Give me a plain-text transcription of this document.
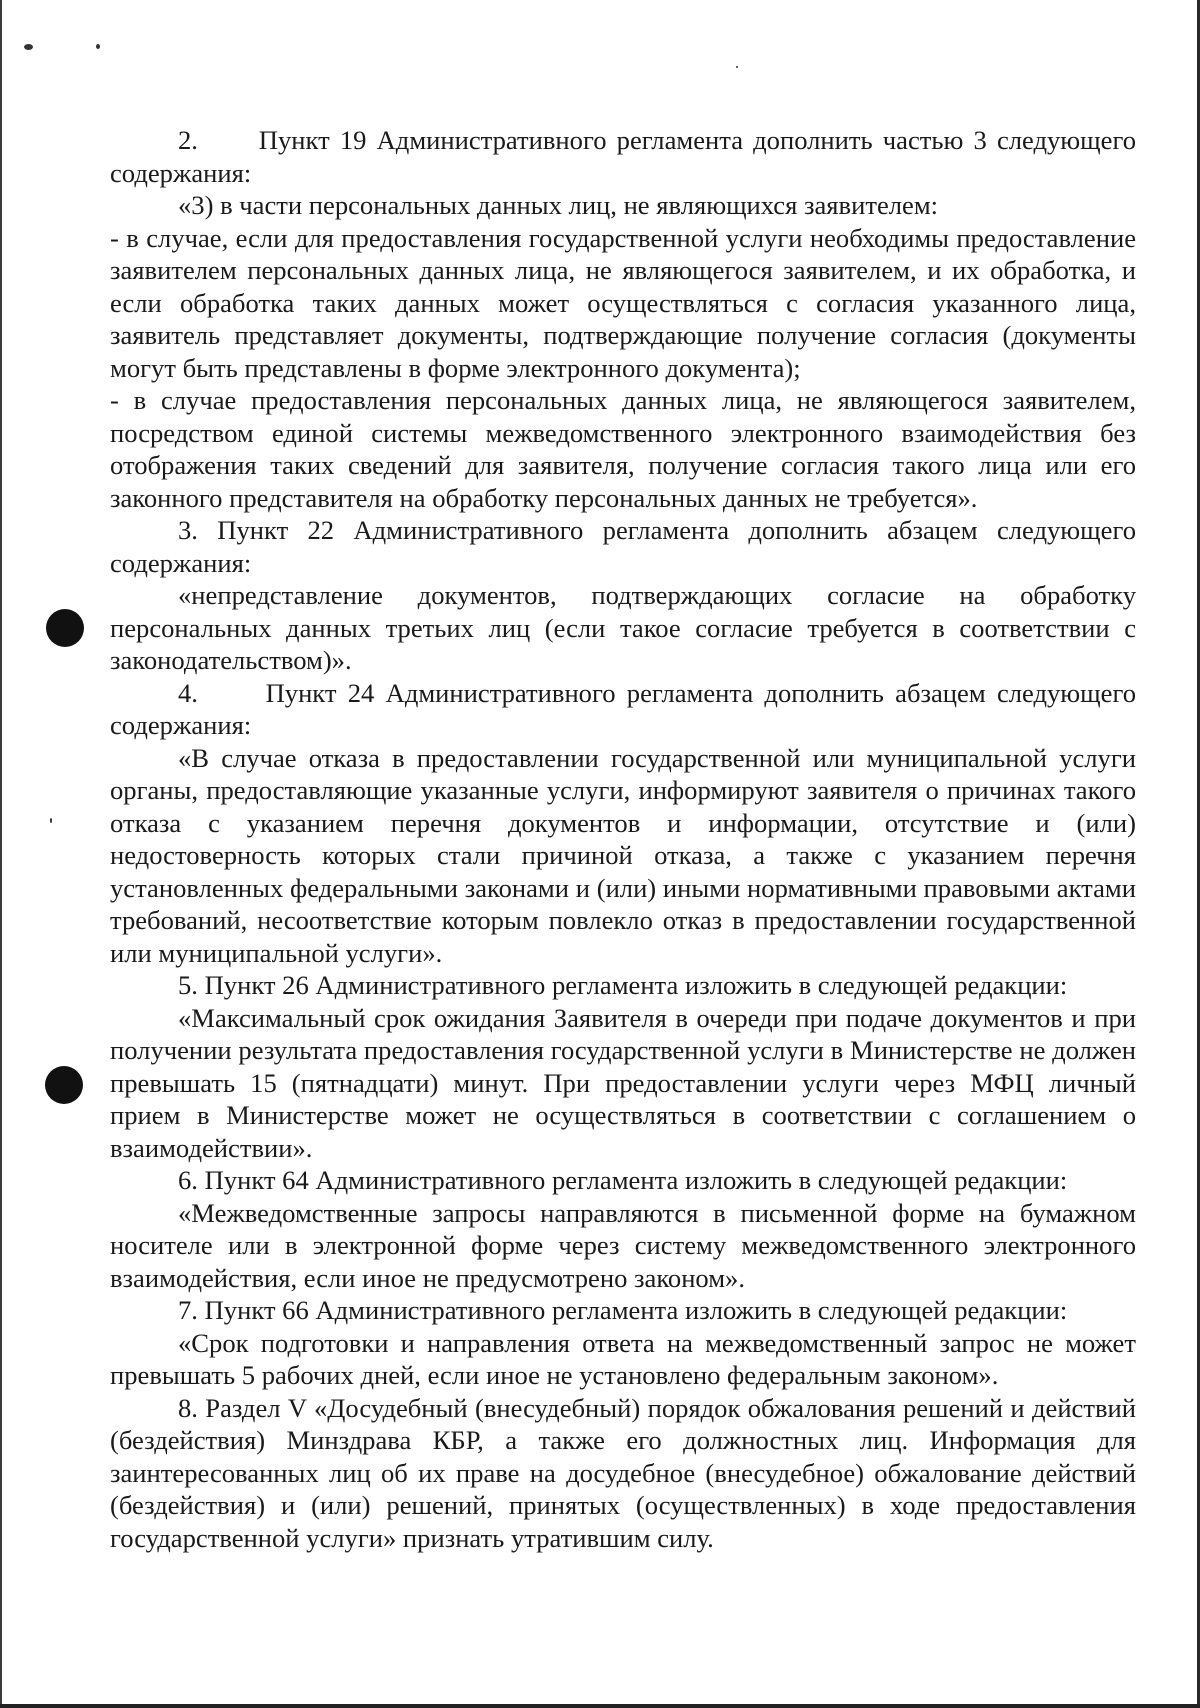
2.      Пункт 19 Административного регламента дополнить частью 3 следующего содержания:

«3) в части персональных данных лиц, не являющихся заявителем:

- в случае, если для предоставления государственной услуги необходимы предоставление заявителем персональных данных лица, не являющегося заявителем, и их обработка, и если обработка таких данных может осуществляться с согласия указанного лица, заявитель представляет документы, подтверждающие получение согласия (документы могут быть представлены в форме электронного документа);

- в случае предоставления персональных данных лица, не являющегося заявителем, посредством единой системы межведомственного электронного взаимодействия без отображения таких сведений для заявителя, получение согласия такого лица или его законного представителя на обработку персональных данных не требуется».

3. Пункт 22 Административного регламента дополнить абзацем следующего содержания:

«непредставление документов, подтверждающих согласие на обработку персональных данных третьих лиц (если такое согласие требуется в соответствии с законодательством)».

4.      Пункт 24 Административного регламента дополнить абзацем следующего содержания:

«В случае отказа в предоставлении государственной или муниципальной услуги органы, предоставляющие указанные услуги, информируют заявителя о причинах такого отказа с указанием перечня документов и информации, отсутствие и (или) недостоверность которых стали причиной отказа, а также с указанием перечня установленных федеральными законами и (или) иными нормативными правовыми актами требований, несоответствие которым повлекло отказ в предоставлении государственной или муниципальной услуги».

5. Пункт 26 Административного регламента изложить в следующей редакции:

«Максимальный срок ожидания Заявителя в очереди при подаче документов и при получении результата предоставления государственной услуги в Министерстве не должен превышать 15 (пятнадцати) минут. При предоставлении услуги через МФЦ личный прием в Министерстве может не осуществляться в соответствии с соглашением о взаимодействии».

6. Пункт 64 Административного регламента изложить в следующей редакции:

«Межведомственные запросы направляются в письменной форме на бумажном носителе или в электронной форме через систему межведомственного электронного взаимодействия, если иное не предусмотрено законом».

7. Пункт 66 Административного регламента изложить в следующей редакции:

«Срок подготовки и направления ответа на межведомственный запрос не может превышать 5 рабочих дней, если иное не установлено федеральным законом».

8. Раздел V «Досудебный (внесудебный) порядок обжалования решений и действий (бездействия) Минздрава КБР, а также его должностных лиц. Информация для заинтересованных лиц об их праве на досудебное (внесудебное) обжалование действий (бездействия) и (или) решений, принятых (осуществленных) в ходе предоставления государственной услуги» признать утратившим силу.
